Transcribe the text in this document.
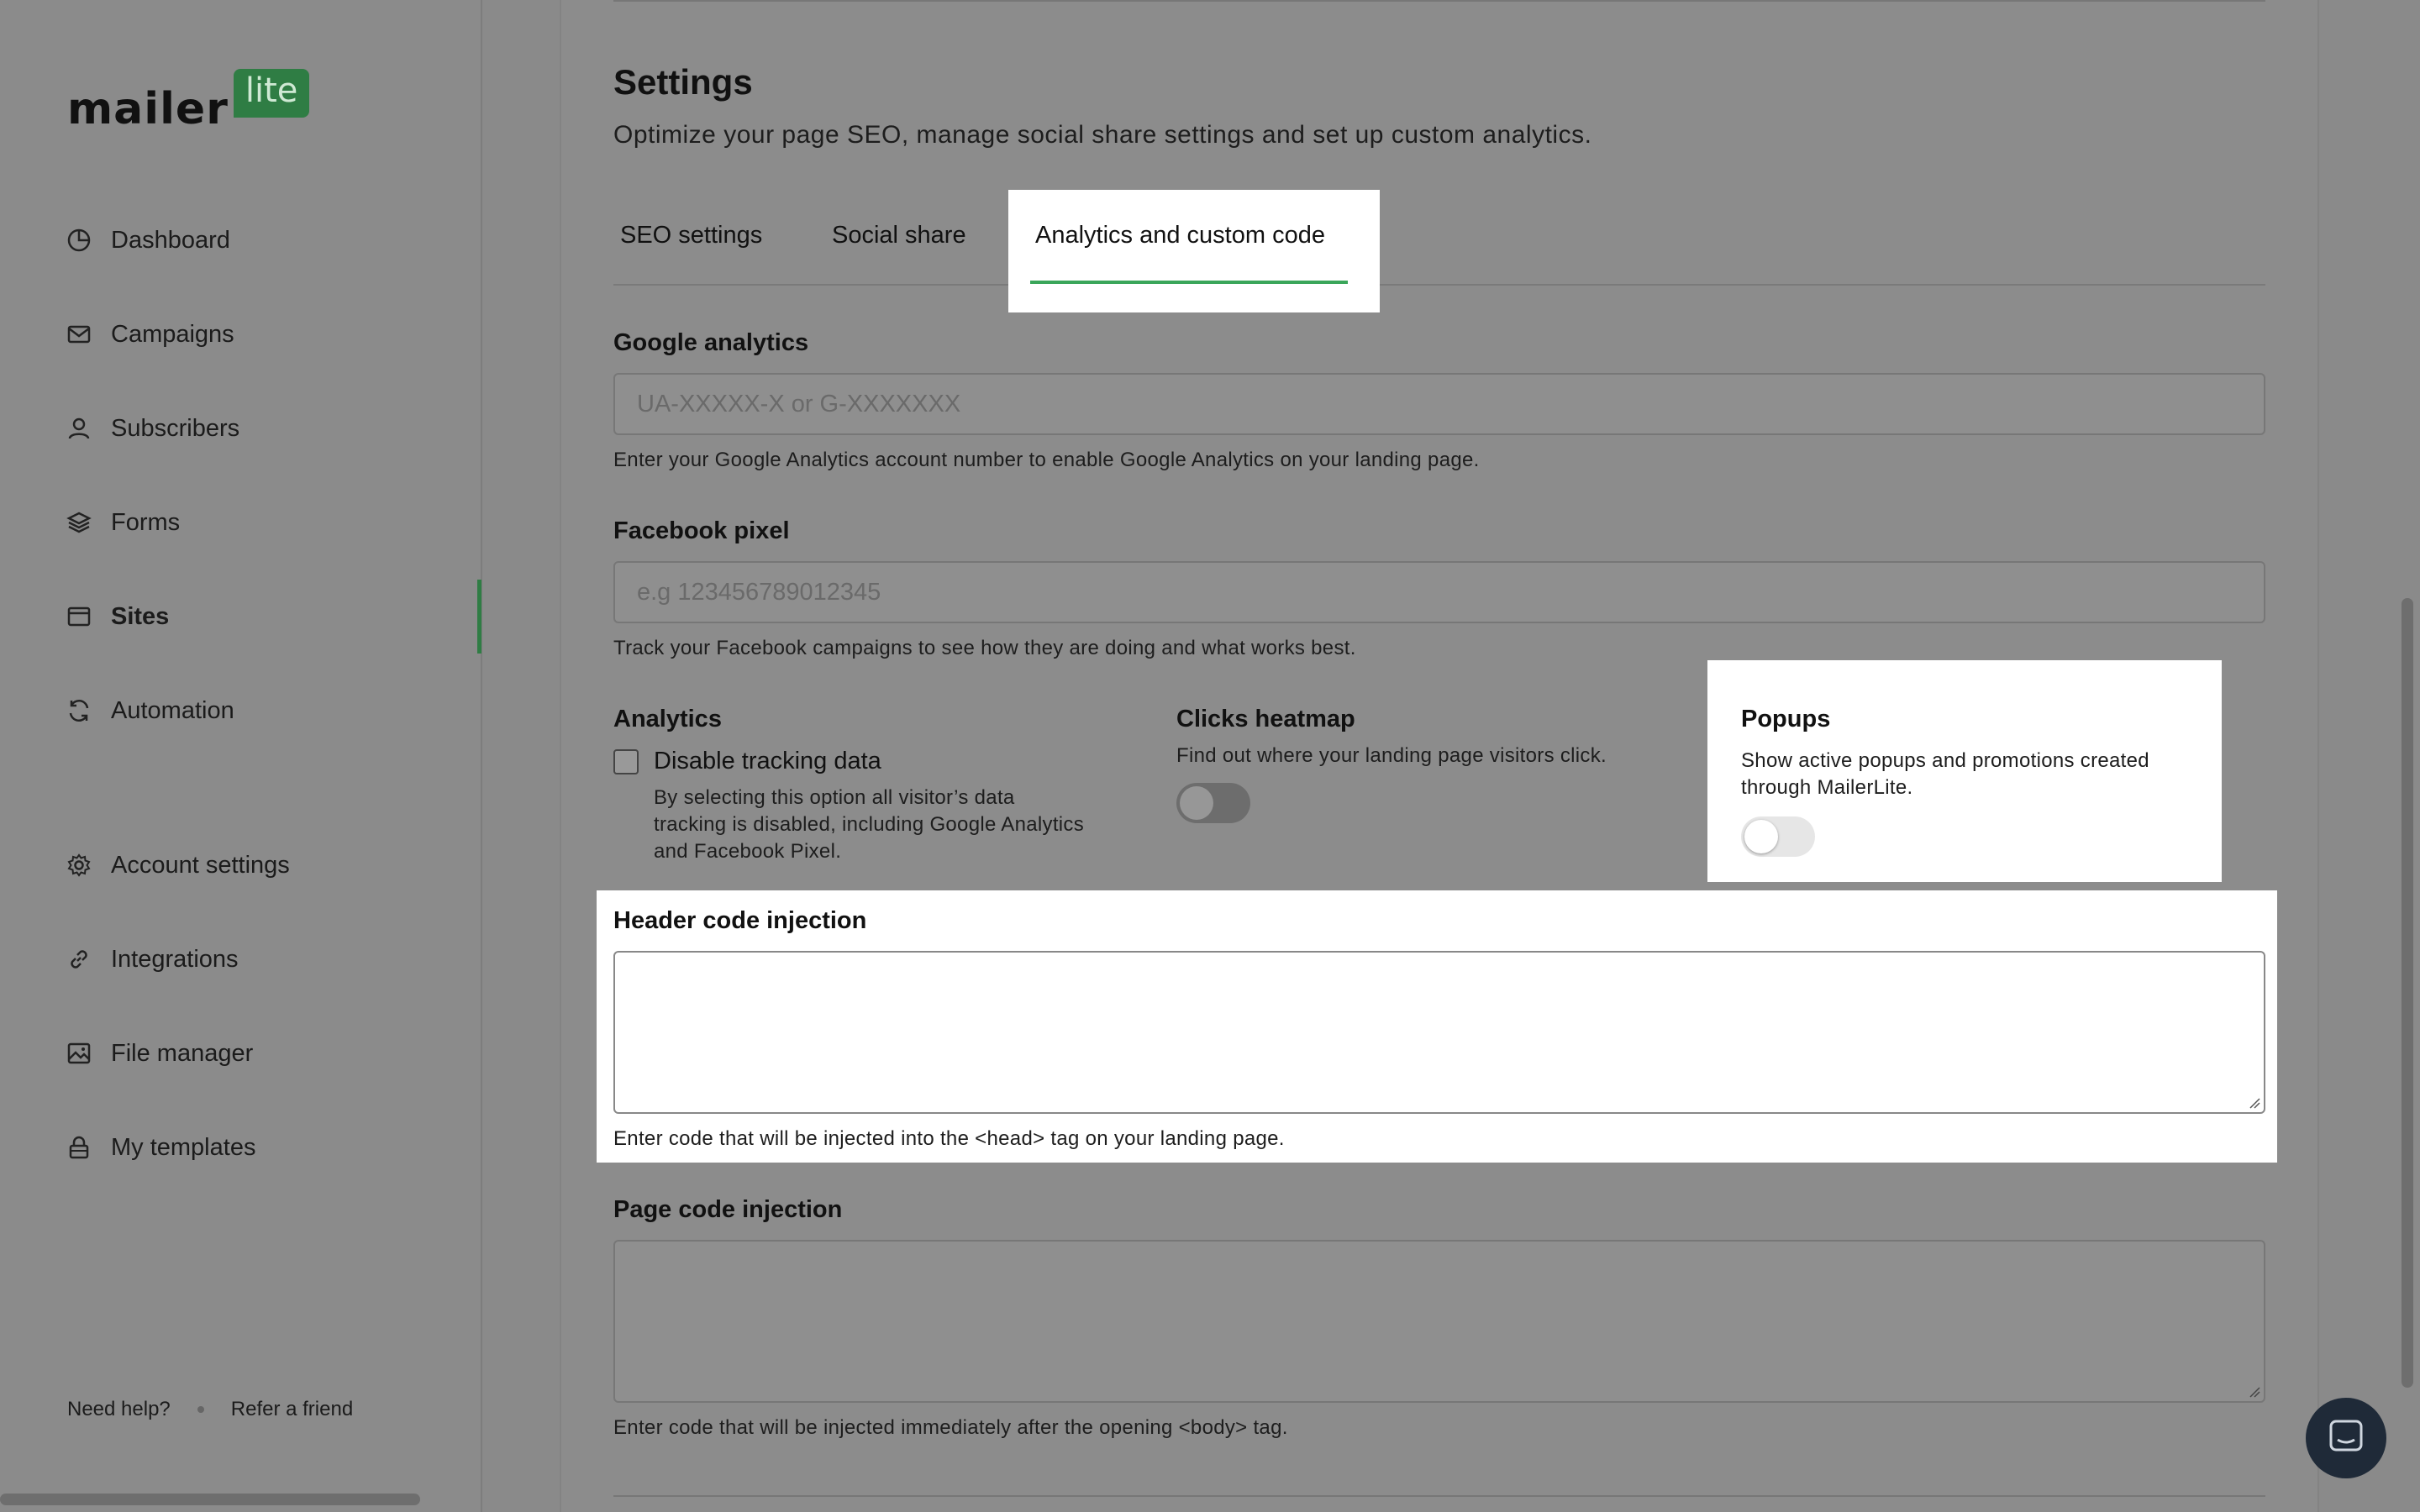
mailer lite
Dashboard
Campaigns
Subscribers
Forms
Sites
Automation
Account settings
Integrations
File manager
My templates
Need help?	Refer a friend
Settings
Optimize your page SEO, manage social share settings and set up custom analytics.
SEO settings	Social share	Analytics and custom code
Google analytics
UA-XXXXX-X or G-XXXXXXX
Enter your Google Analytics account number to enable Google Analytics on your landing page.
Facebook pixel
e.g 123456789012345
Track your Facebook campaigns to see how they are doing and what works best.
Analytics
Disable tracking data
By selecting this option all visitor’s data
tracking is disabled, including Google Analytics
and Facebook Pixel.
Clicks heatmap
Find out where your landing page visitors click.
Popups
Show active popups and promotions created
through MailerLite.
Header code injection
Enter code that will be injected into the <head> tag on your landing page.
Page code injection
Enter code that will be injected immediately after the opening <body> tag.
